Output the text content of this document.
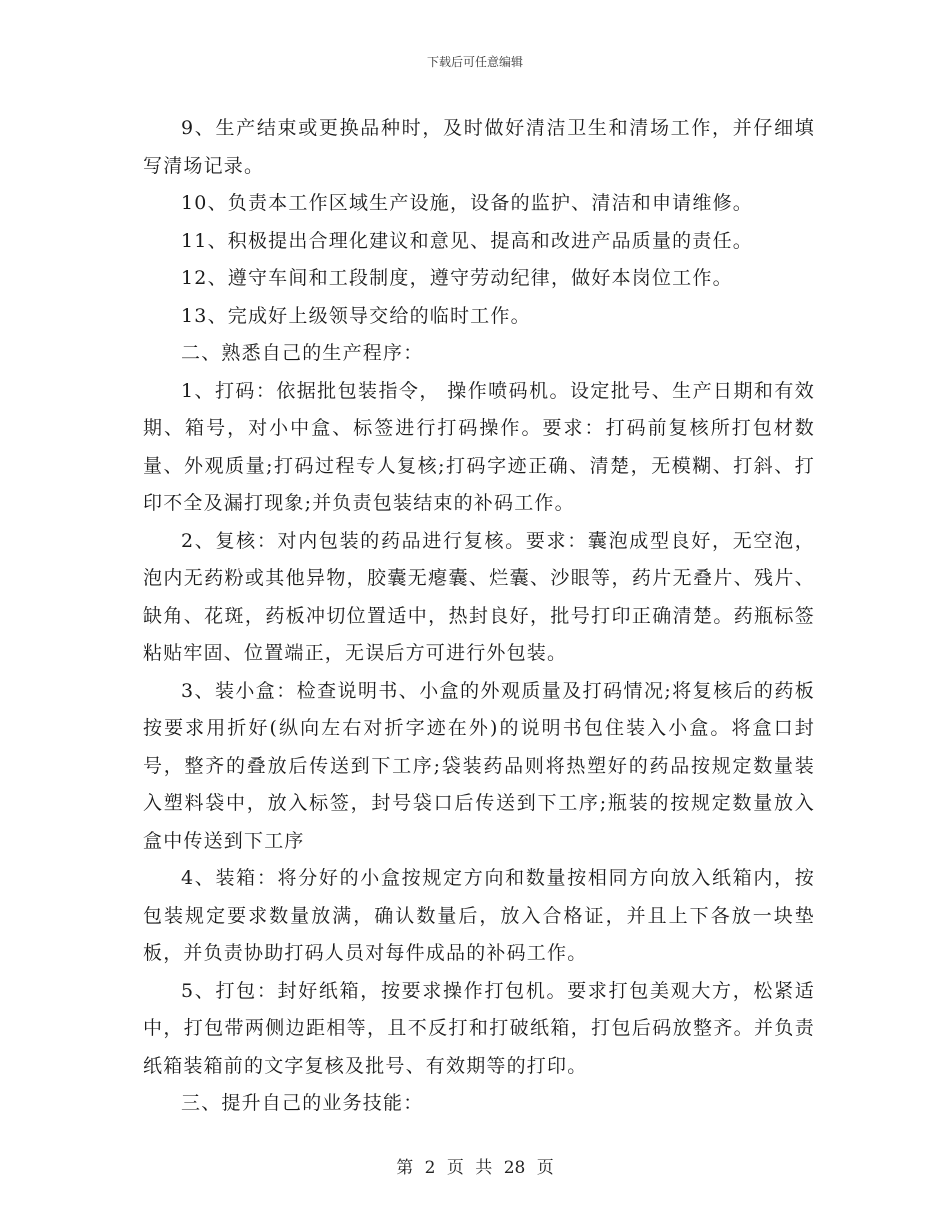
下载后可任意编辑

9、生产结束或更换品种时，及时做好清洁卫生和清场工作，并仔细填写清场记录。

10、负责本工作区域生产设施，设备的监护、清洁和申请维修。

11、积极提出合理化建议和意见、提高和改进产品质量的责任。

12、遵守车间和工段制度，遵守劳动纪律，做好本岗位工作。

13、完成好上级领导交给的临时工作。

二、熟悉自己的生产程序：

1、打码：依据批包装指令， 操作喷码机。设定批号、生产日期和有效期、箱号，对小中盒、标签进行打码操作。要求：打码前复核所打包材数量、外观质量;打码过程专人复核;打码字迹正确、清楚，无模糊、打斜、打印不全及漏打现象;并负责包装结束的补码工作。

2、复核：对内包装的药品进行复核。要求：囊泡成型良好，无空泡，泡内无药粉或其他异物，胶囊无瘪囊、烂囊、沙眼等，药片无叠片、残片、缺角、花斑，药板冲切位置适中，热封良好，批号打印正确清楚。药瓶标签粘贴牢固、位置端正，无误后方可进行外包装。

3、装小盒：检查说明书、小盒的外观质量及打码情况;将复核后的药板按要求用折好(纵向左右对折字迹在外)的说明书包住装入小盒。将盒口封号，整齐的叠放后传送到下工序;袋装药品则将热塑好的药品按规定数量装入塑料袋中，放入标签，封号袋口后传送到下工序;瓶装的按规定数量放入盒中传送到下工序

4、装箱：将分好的小盒按规定方向和数量按相同方向放入纸箱内，按包装规定要求数量放满，确认数量后，放入合格证，并且上下各放一块垫板，并负责协助打码人员对每件成品的补码工作。

5、打包：封好纸箱，按要求操作打包机。要求打包美观大方，松紧适中，打包带两侧边距相等，且不反打和打破纸箱，打包后码放整齐。并负责纸箱装箱前的文字复核及批号、有效期等的打印。

三、提升自己的业务技能：

第 2 页 共 28 页
